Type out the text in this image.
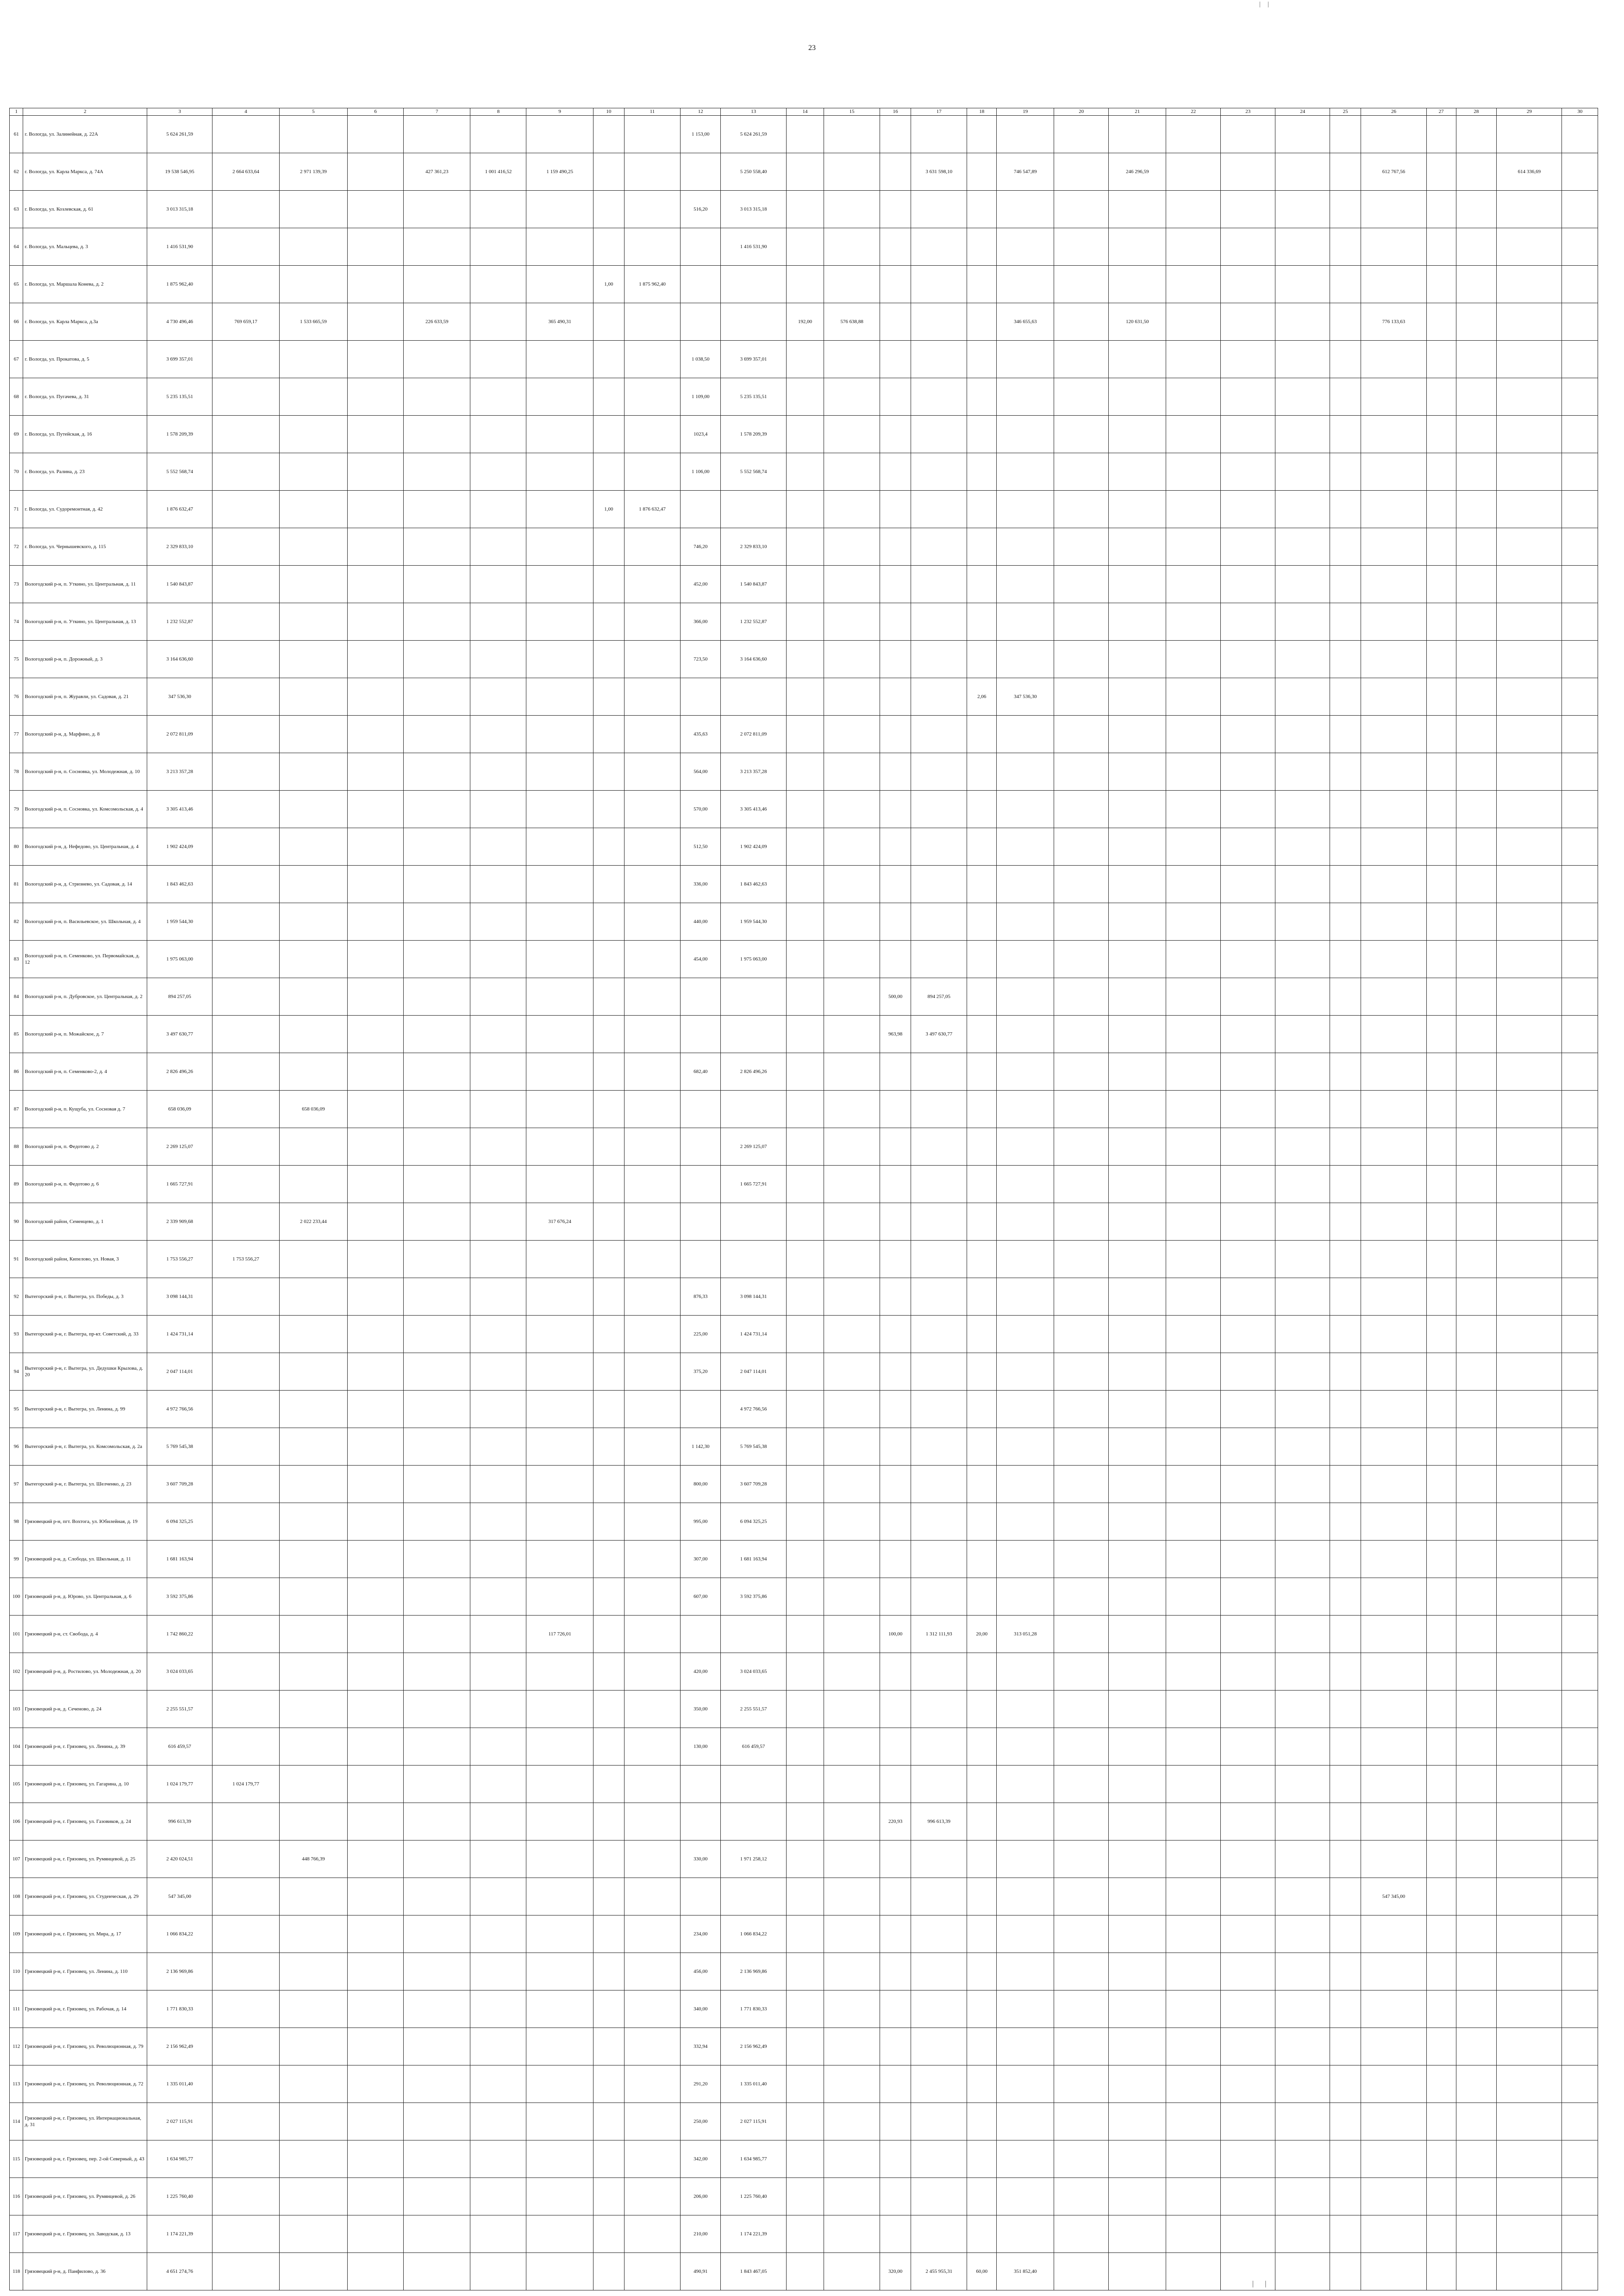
| |
23
1	2	3	4	5	6	7	8	9	10	11	12	13	14	15	16	17	18	19	20	21	22	23	24	25	26	27	28	29	30
61	г. Вологда, ул. Залинейная, д. 22А	5 624 261,59									1 153,00	5 624 261,59																	
62	г. Вологда, ул. Карла Маркса, д. 74А	19 538 546,95	2 664 633,64	2 971 139,39		427 361,23	1 001 416,52	1 159 490,25				5 250 558,40				3 631 598,10		746 547,89		246 296,59					612 767,56			614 336,69	
63	г. Вологда, ул. Козлевская, д. 61	3 013 315,18									516,20	3 013 315,18																	
64	г. Вологда, ул. Мальцева, д. 3	1 416 531,90										1 416 531,90																	
65	г. Вологда, ул. Маршала Конева, д. 2	1 875 962,40							1,00	1 875 962,40																			
66	г. Вологда, ул. Карла Маркса, д.3а	4 730 496,46	769 659,17	1 533 665,59		226 633,59		365 490,31					192,00	576 638,88				346 655,63		120 631,50					776 133,63				
67	г. Вологда, ул. Прокатова, д. 5	3 699 357,01									1 038,50	3 699 357,01																	
68	г. Вологда, ул. Пугачева, д. 31	5 235 135,51									1 109,00	5 235 135,51																	
69	г. Вологда, ул. Путейская, д. 16	1 578 209,39									1023,4	1 578 209,39																	
70	г. Вологда, ул. Ралина, д. 23	5 552 568,74									1 106,00	5 552 568,74																	
71	г. Вологда, ул. Судоремонтная, д. 42	1 876 632,47							1,00	1 876 632,47																			
72	г. Вологда, ул. Чернышевского, д. 115	2 329 833,10									746,20	2 329 833,10																	
73	Вологодский р-н, п. Уткино, ул. Центральная, д. 11	1 540 843,87									452,00	1 540 843,87																	
74	Вологодский р-н, п. Уткино, ул. Центральная, д. 13	1 232 552,87									366,00	1 232 552,87																	
75	Вологодский р-н, п. Дорожный, д. 3	3 164 636,60									723,50	3 164 636,60																	
76	Вологодский р-н, п. Журавли, ул. Садовая, д. 21	347 536,30															2,06	347 536,30											
77	Вологодский р-н, д. Марфино, д. 8	2 072 811,09									435,63	2 072 811,09																	
78	Вологодский р-н, п. Сосновка, ул. Молодежная, д. 10	3 213 357,28									564,00	3 213 357,28																	
79	Вологодский р-н, п. Сосновка, ул. Комсомольская, д. 4	3 305 413,46									570,00	3 305 413,46																	
80	Вологодский р-н, д. Нефедово, ул. Центральная, д. 4	1 902 424,09									512,50	1 902 424,09																	
81	Вологодский р-н, д. Стризнево, ул. Садовая, д. 14	1 843 462,63									336,00	1 843 462,63																	
82	Вологодский р-н, п. Васильевское, ул. Школьная, д. 4	1 959 544,30									440,00	1 959 544,30																	
83	Вологодский р-н, п. Семенково, ул. Первомайская, д. 12	1 975 063,00									454,00	1 975 063,00																	
84	Вологодский р-н, п. Дубровское, ул. Центральная, д. 2	894 257,05													500,00	894 257,05													
85	Вологодский р-н, п. Можайское, д. 7	3 497 630,77													963,98	3 497 630,77													
86	Вологодский р-н, п. Семенково-2, д. 4	2 826 496,26									682,40	2 826 496,26																	
87	Вологодский р-н, п. Кущуба, ул. Сосновая д. 7	658 036,09		658 036,09																									
88	Вологодский р-н, п. Федотово д. 2	2 269 125,07										2 269 125,07																	
89	Вологодский р-н, п. Федотово д. 6	1 665 727,91										1 665 727,91																	
90	Вологодский район, Семенцево, д. 1	2 339 909,68		2 022 233,44				317 676,24																					
91	Вологодский район, Кипелово, ул. Новая, 3	1 753 556,27	1 753 556,27																										
92	Вытегорский р-н, г. Вытегра, ул. Победы, д. 3	3 098 144,31									876,33	3 098 144,31																	
93	Вытегорский р-н, г. Вытегра, пр-кт. Советский, д. 33	1 424 731,14									225,00	1 424 731,14																	
94	Вытегорский р-н, г. Вытегра, ул. Дедушки Крылова, д. 20	2 047 114,01									375,20	2 047 114,01																	
95	Вытегорский р-н, г. Вытегра, ул. Ленина, д. 99	4 972 766,56										4 972 766,56																	
96	Вытегорский р-н, г. Вытегра, ул. Комсомольская, д. 2а	5 769 545,38									1 142,30	5 769 545,38																	
97	Вытегорский р-н, г. Вытегра, ул. Шелченко, д. 23	3 607 709,28									800,00	3 607 709,28																	
98	Грязовецкий р-н, пгт. Вохтога, ул. Юбилейная, д. 19	6 094 325,25									995,00	6 094 325,25																	
99	Грязовецкий р-н, д. Слобода, ул. Школьная, д. 11	1 681 163,94									307,00	1 681 163,94																	
100	Грязовецкий р-н, д. Юрово, ул. Центральная, д. 6	3 592 375,86									607,00	3 592 375,86																	
101	Грязовецкий р-н, ст. Свобода, д. 4	1 742 860,22						117 726,01							100,00	1 312 111,93	20,00	313 051,28											
102	Грязовецкий р-н, д. Ростилово, ул. Молодежная, д. 20	3 024 033,65									420,00	3 024 033,65																	
103	Грязовецкий р-н, д. Сеченово, д. 24	2 255 551,57									350,00	2 255 551,57																	
104	Грязовецкий р-н, г. Грязовец, ул. Ленина, д. 39	616 459,57									130,00	616 459,57																	
105	Грязовецкий р-н, г. Грязовец, ул. Гагарина, д. 10	1 024 179,77	1 024 179,77																										
106	Грязовецкий р-н, г. Грязовец, ул. Газовиков, д. 24	996 613,39													220,93	996 613,39													
107	Грязовецкий р-н, г. Грязовец, ул. Румянцевой, д. 25	2 420 024,51		448 766,39							330,00	1 971 258,12																	
108	Грязовецкий р-н, г. Грязовец, ул. Студенческая, д. 29	547 345,00																							547 345,00				
109	Грязовецкий р-н, г. Грязовец, ул. Мира, д. 17	1 066 834,22									234,00	1 066 834,22																	
110	Грязовецкий р-н, г. Грязовец, ул. Ленина, д. 110	2 136 969,86									456,00	2 136 969,86																	
111	Грязовецкий р-н, г. Грязовец, ул. Рабочая, д. 14	1 771 830,33									340,00	1 771 830,33																	
112	Грязовецкий р-н, г. Грязовец, ул. Революционная, д. 79	2 156 962,49									332,94	2 156 962,49																	
113	Грязовецкий р-н, г. Грязовец, ул. Революционная, д. 72	1 335 011,40									291,20	1 335 011,40																	
114	Грязовецкий р-н, г. Грязовец, ул. Интернациональная, д. 31	2 027 115,91									250,00	2 027 115,91																	
115	Грязовецкий р-н, г. Грязовец, пер. 2-ой Северный, д. 43	1 634 985,77									342,00	1 634 985,77																	
116	Грязовецкий р-н, г. Грязовец, ул. Румянцевой, д. 26	1 225 760,40									206,00	1 225 760,40																	
117	Грязовецкий р-н, г. Грязовец, ул. Заводская, д. 13	1 174 221,39									210,00	1 174 221,39																	
118	Грязовецкий р-н, д. Панфилово, д. 36	4 651 274,76									490,91	1 843 467,05			320,00	2 455 955,31	60,00	351 852,40											
| |
